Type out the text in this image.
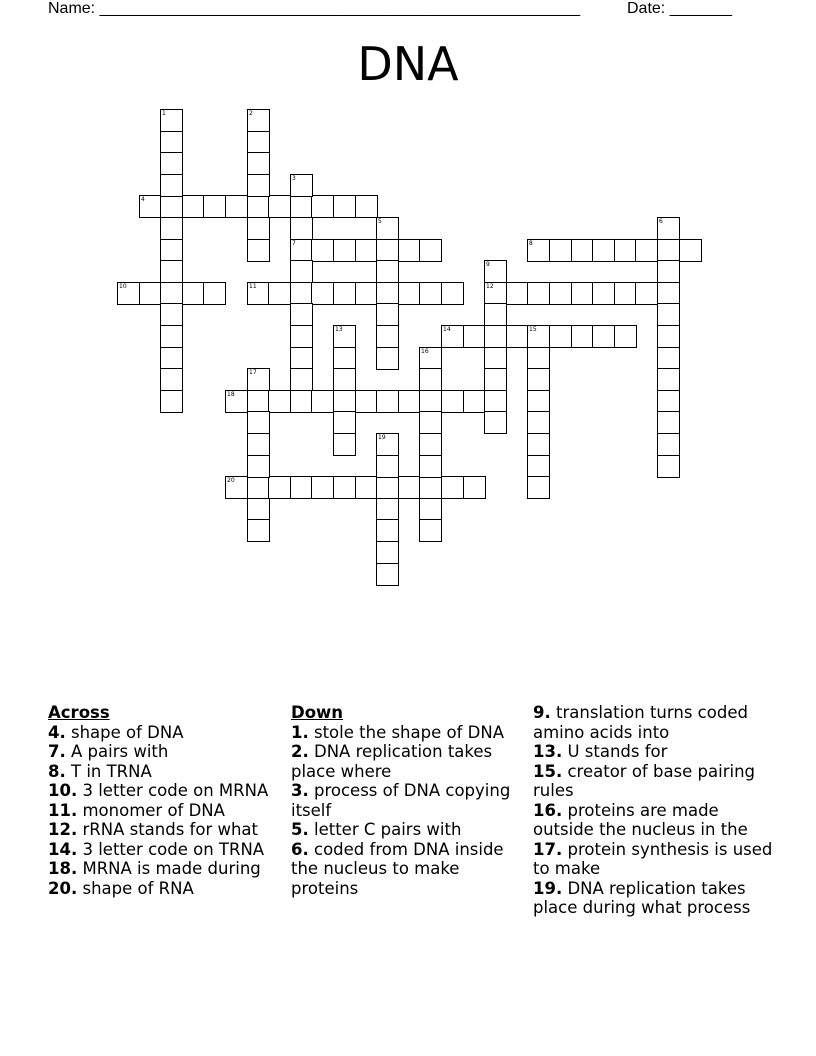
Name: ______________________________________________________	Date: _______
DNA
4
7	8
10	11	12
14	15
18
20
1	2
3
5	6
9
13
16
17
19
Across
4. shape of DNA
7. A pairs with
8. T in TRNA
10. 3 letter code on MRNA
11. monomer of DNA
12. rRNA stands for what
14. 3 letter code on TRNA
18. MRNA is made during
20. shape of RNA
Down
1. stole the shape of DNA
2. DNA replication takes place where
3. process of DNA copying itself
5. letter C pairs with
6. coded from DNA inside the nucleus to make proteins
9. translation turns coded amino acids into
13. U stands for
15. creator of base pairing rules
16. proteins are made outside the nucleus in the
17. protein synthesis is used to make
19. DNA replication takes place during what process
